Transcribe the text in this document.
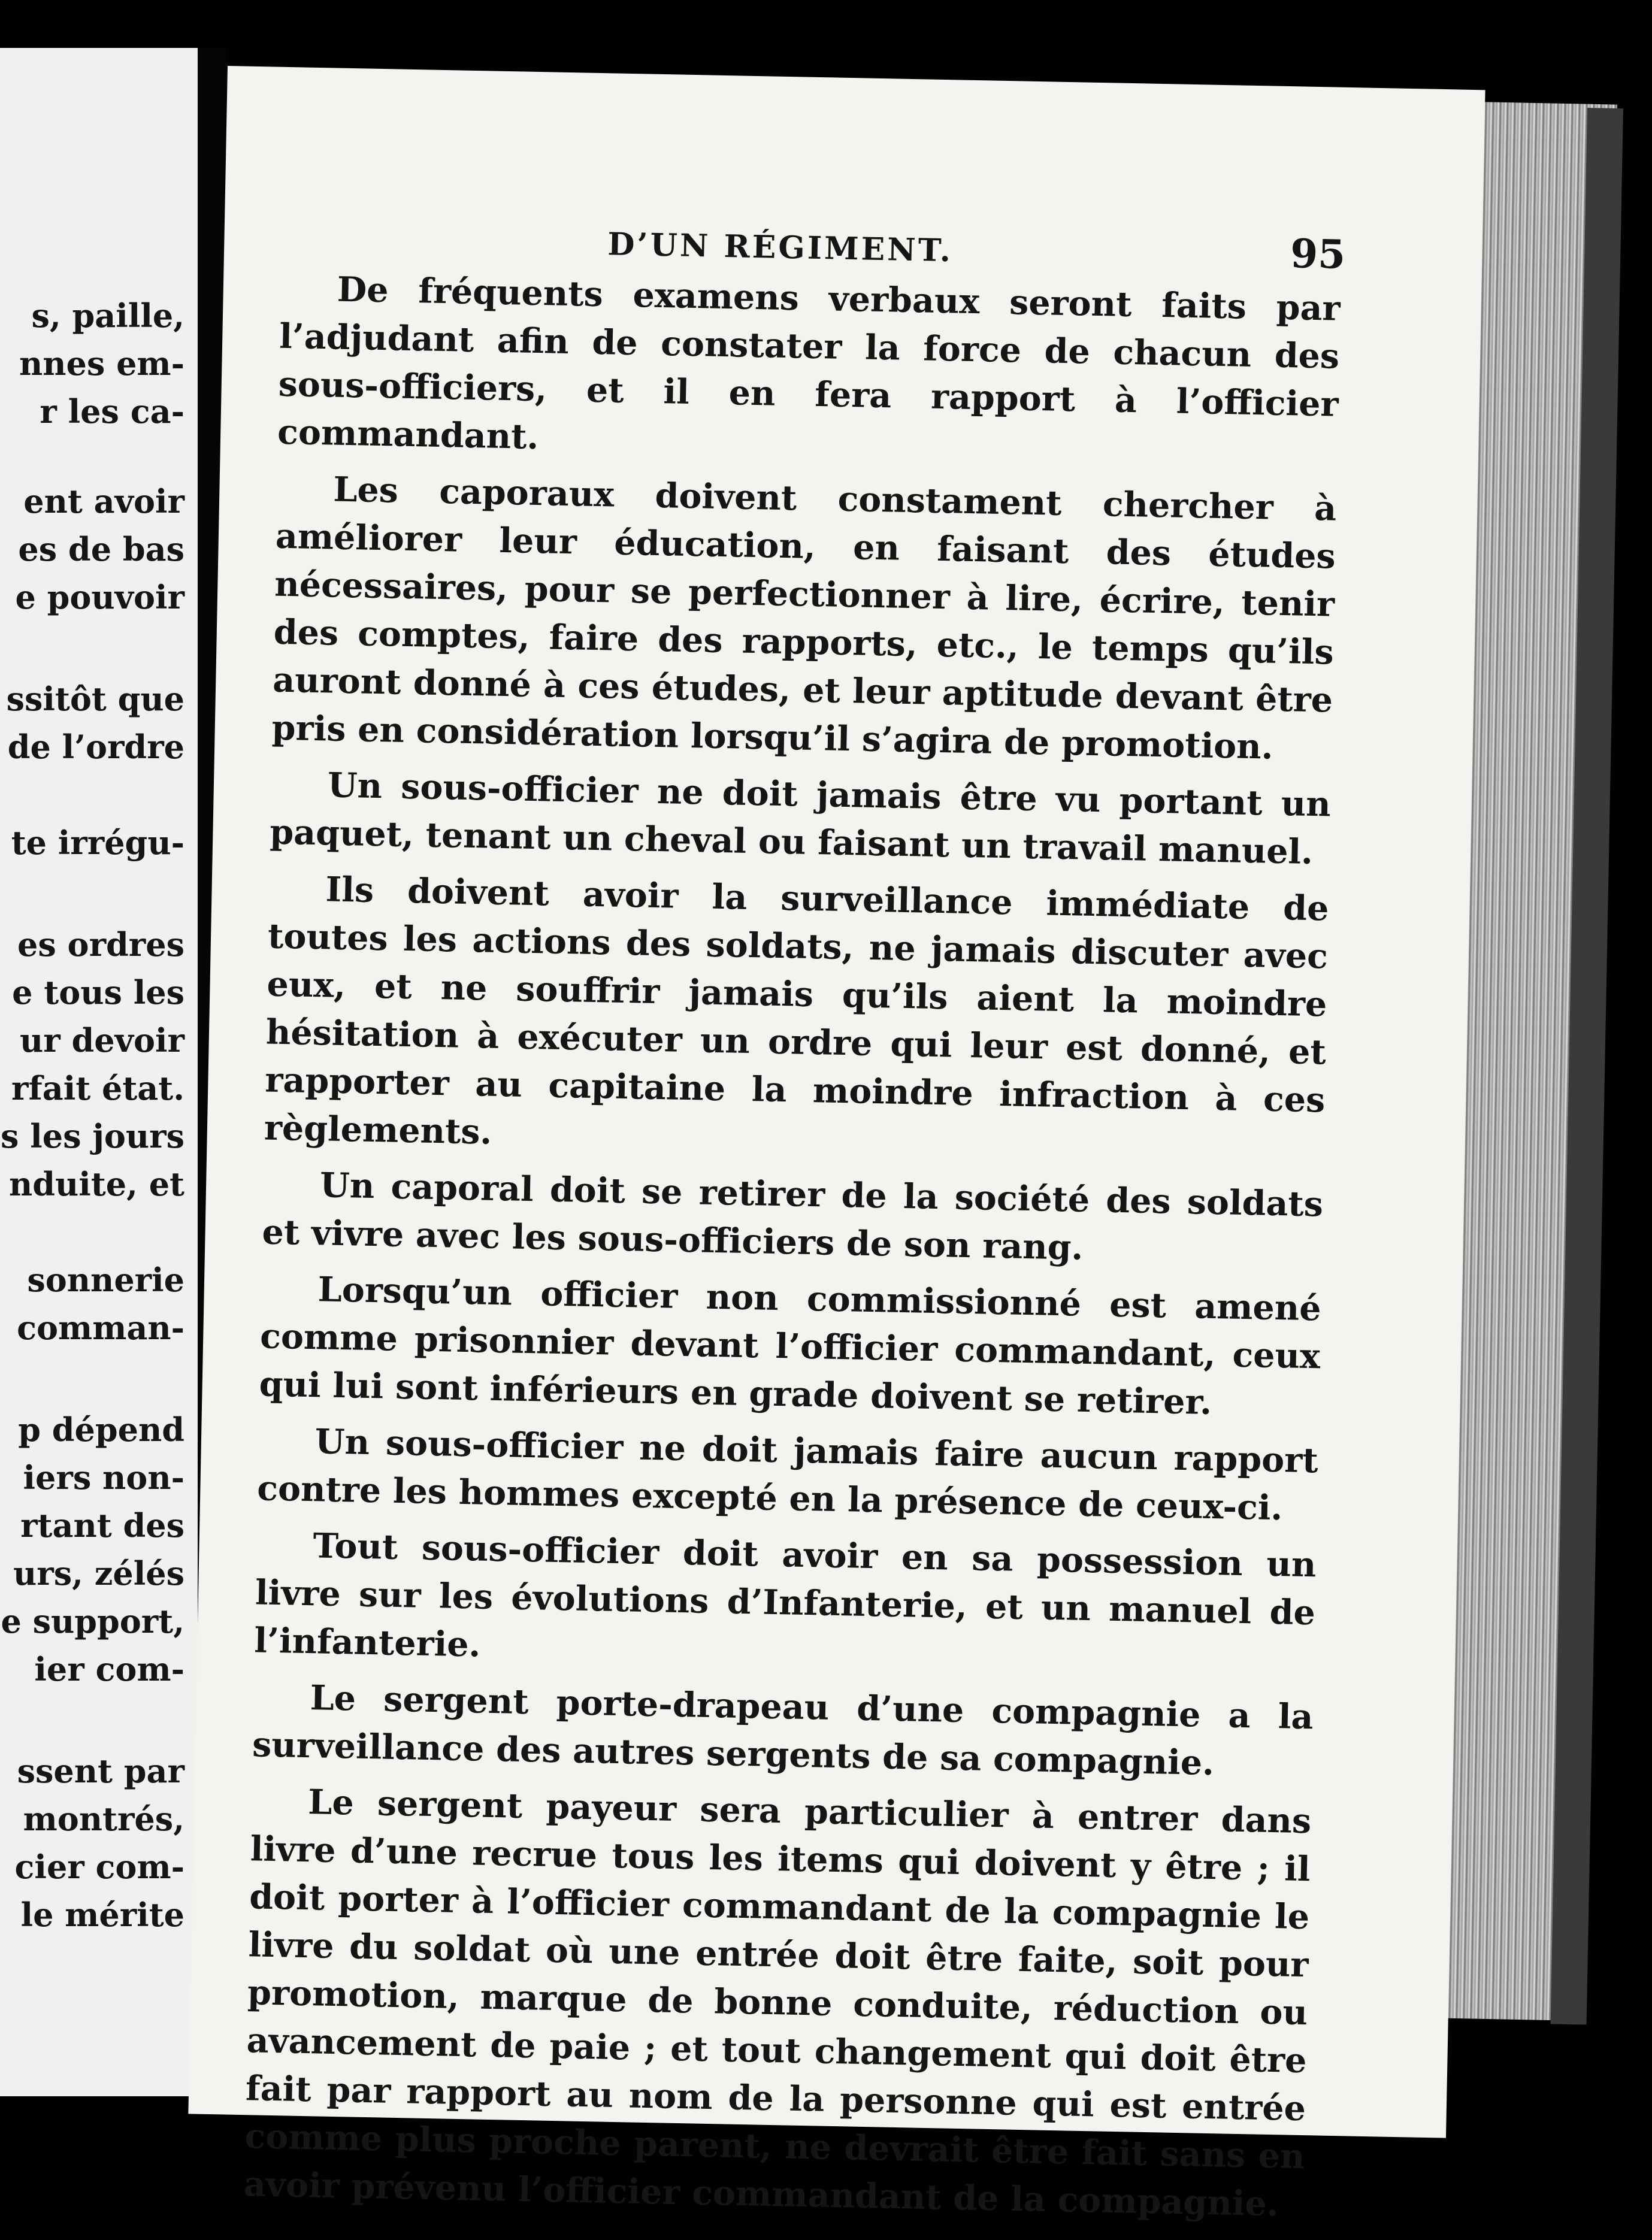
s, paille,
nnes em-
r les ca-
ent avoir
es de bas
e pouvoir
ssitôt que
de l’ordre
te irrégu-
es ordres
e tous les
ur devoir
rfait état.
s les jours
nduite, et
sonnerie
comman-
p dépend
iers non-
rtant des
urs, zélés
e support,
ier com-
ssent par
montrés,
cier com-
le mérite
D’UN RÉGIMENT.	95

De fréquents examens verbaux seront faits par l’adjudant afin de constater la force de chacun des sous-officiers, et il en fera rapport à l’officier commandant.

Les caporaux doivent constament chercher à améliorer leur éducation, en faisant des études nécessaires, pour se perfectionner à lire, écrire, tenir des comptes, faire des rapports, etc., le temps qu’ils auront donné à ces études, et leur aptitude devant être pris en considération lorsqu’il s’agira de promotion.

Un sous-officier ne doit jamais être vu portant un paquet, tenant un cheval ou faisant un travail manuel.

Ils doivent avoir la surveillance immédiate de toutes les actions des soldats, ne jamais discuter avec eux, et ne souffrir jamais qu’ils aient la moindre hésitation à exécuter un ordre qui leur est donné, et rapporter au capitaine la moindre infraction à ces règlements.

Un caporal doit se retirer de la société des soldats et vivre avec les sous-officiers de son rang.

Lorsqu’un officier non commissionné est amené comme prisonnier devant l’officier commandant, ceux qui lui sont inférieurs en grade doivent se retirer.

Un sous-officier ne doit jamais faire aucun rapport contre les hommes excepté en la présence de ceux-ci.

Tout sous-officier doit avoir en sa possession un livre sur les évolutions d’Infanterie, et un manuel de l’infanterie.

Le sergent porte-drapeau d’une compagnie a la surveillance des autres sergents de sa compagnie.

Le sergent payeur sera particulier à entrer dans livre d’une recrue tous les items qui doivent y être ; il doit porter à l’officier commandant de la compagnie le livre du soldat où une entrée doit être faite, soit pour promotion, marque de bonne conduite, réduction ou avancement de paie ; et tout changement qui doit être fait par rapport au nom de la personne qui est entrée comme plus proche parent, ne devrait être fait sans en avoir prévenu l’officier commandant de la compagnie.
